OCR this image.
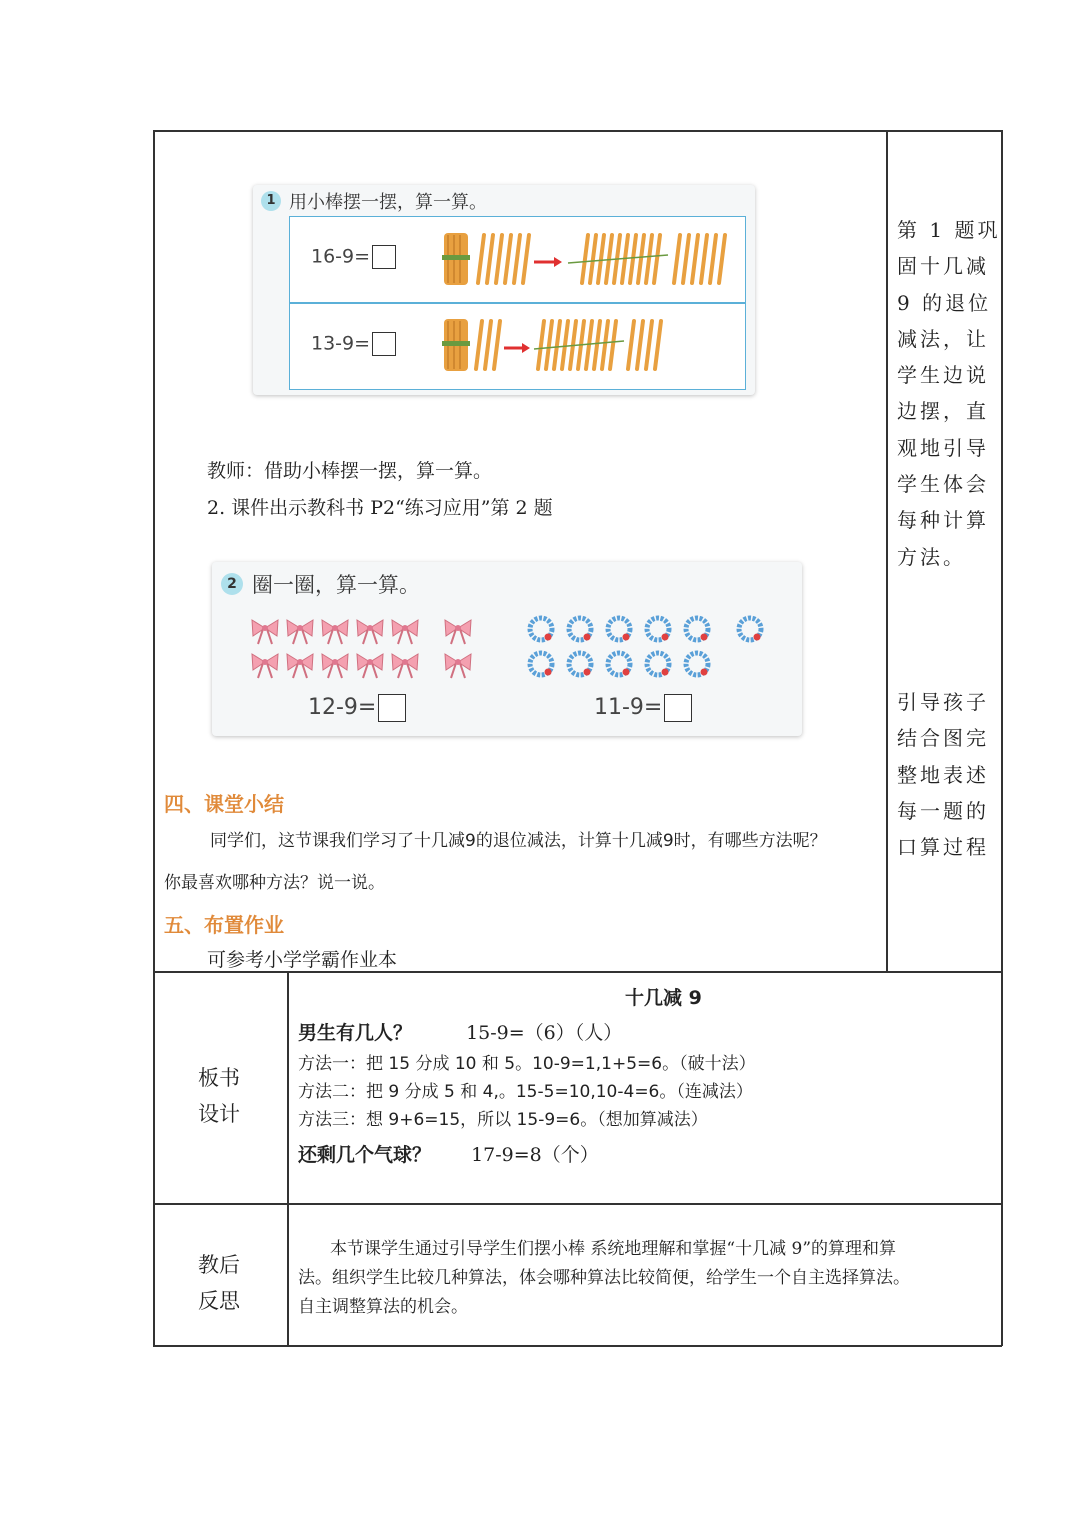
1 用小棒摆一摆，算一算。
16-9=
13-9=
教师：借助小棒摆一摆，算一算。
2. 课件出示教科书 P2“练习应用”第 2 题
2 圈一圈，算一算。
12-9=	11-9=
四、课堂小结
同学们，这节课我们学习了十几减9的退位减法，计算十几减9时，有哪些方法呢？
你最喜欢哪种方法？说一说。
五、布置作业
可参考小学学霸作业本
第 1 题巩
固十几减
9 的退位
减法，让
学生边说
边摆，直
观地引导
学生体会
每种计算
方法。
引导孩子
结合图完
整地表述
每一题的
口算过程
板书
设计
十几减 9
男生有几人？	15-9=（6）（人）
方法一：把 15 分成 10 和 5。10-9=1,1+5=6。（破十法）
方法二：把 9 分成 5 和 4,。15-5=10,10-4=6。（连减法）
方法三：想 9+6=15，所以 15-9=6。（想加算减法）
还剩几个气球？ 17-9=8（个）
教后
反思
本节课学生通过引导学生们摆小棒 系统地理解和掌握“十几减 9”的算理和算
法。组织学生比较几种算法，体会哪种算法比较简便，给学生一个自主选择算法。
自主调整算法的机会。
